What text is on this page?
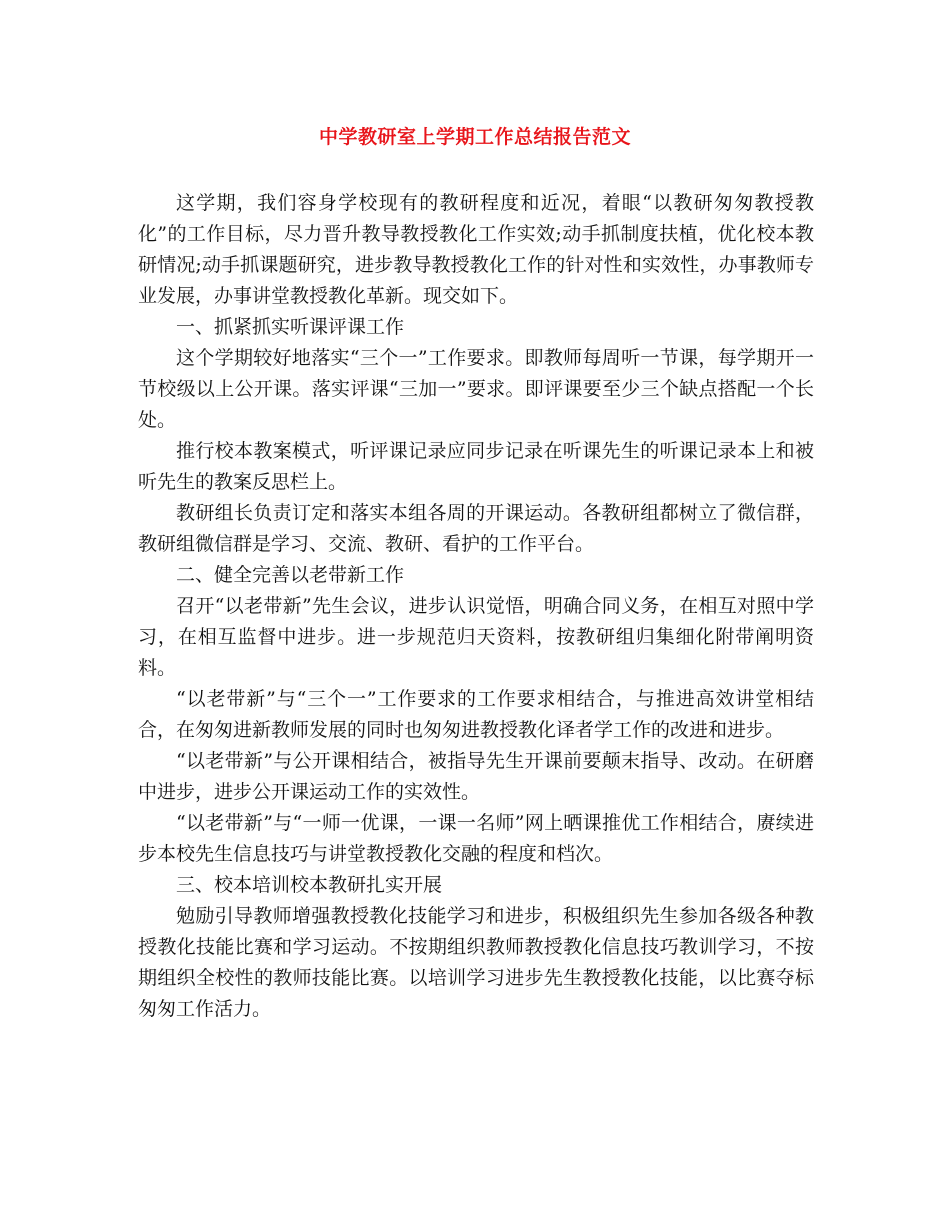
中学教研室上学期工作总结报告范文

这学期，我们容身学校现有的教研程度和近况，着眼“以教研匆匆教授教化”的工作目标，尽力晋升教导教授教化工作实效;动手抓制度扶植，优化校本教研情况;动手抓课题研究，进步教导教授教化工作的针对性和实效性，办事教师专业发展，办事讲堂教授教化革新。现交如下。

一、抓紧抓实听课评课工作

这个学期较好地落实“三个一”工作要求。即教师每周听一节课，每学期开一节校级以上公开课。落实评课“三加一”要求。即评课要至少三个缺点搭配一个长处。

推行校本教案模式，听评课记录应同步记录在听课先生的听课记录本上和被听先生的教案反思栏上。

教研组长负责订定和落实本组各周的开课运动。各教研组都树立了微信群，教研组微信群是学习、交流、教研、看护的工作平台。

二、健全完善以老带新工作

召开“以老带新”先生会议，进步认识觉悟，明确合同义务，在相互对照中学习，在相互监督中进步。进一步规范归天资料，按教研组归集细化附带阐明资料。

“以老带新”与“三个一”工作要求的工作要求相结合，与推进高效讲堂相结合，在匆匆进新教师发展的同时也匆匆进教授教化译者学工作的改进和进步。

“以老带新”与公开课相结合，被指导先生开课前要颠末指导、改动。在研磨中进步，进步公开课运动工作的实效性。

“以老带新”与“一师一优课，一课一名师”网上晒课推优工作相结合，赓续进步本校先生信息技巧与讲堂教授教化交融的程度和档次。

三、校本培训校本教研扎实开展

勉励引导教师增强教授教化技能学习和进步，积极组织先生参加各级各种教授教化技能比赛和学习运动。不按期组织教师教授教化信息技巧教训学习，不按期组织全校性的教师技能比赛。以培训学习进步先生教授教化技能，以比赛夺标匆匆工作活力。
